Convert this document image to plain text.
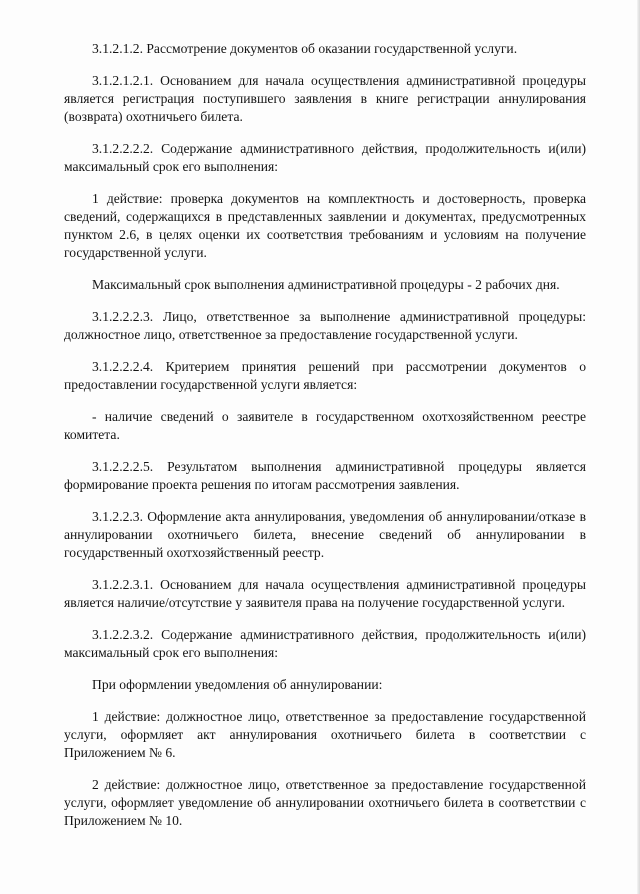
3.1.2.1.2. Рассмотрение документов об оказании государственной услуги.

3.1.2.1.2.1. Основанием для начала осуществления административной процедуры является регистрация поступившего заявления в книге регистрации аннулирования (возврата) охотничьего билета.

3.1.2.2.2.2. Содержание административного действия, продолжительность и(или) максимальный срок его выполнения:

1 действие: проверка документов на комплектность и достоверность, проверка сведений, содержащихся в представленных заявлении и документах, предусмотренных пунктом 2.6, в целях оценки их соответствия требованиям и условиям на получение государственной услуги.

Максимальный срок выполнения административной процедуры - 2 рабочих дня.

3.1.2.2.2.3. Лицо, ответственное за выполнение административной процедуры: должностное лицо, ответственное за предоставление государственной услуги.

3.1.2.2.2.4. Критерием принятия решений при рассмотрении документов о предоставлении государственной услуги является:

- наличие сведений о заявителе в государственном охотхозяйственном реестре комитета.

3.1.2.2.2.5. Результатом выполнения административной процедуры является формирование проекта решения по итогам рассмотрения заявления.

3.1.2.2.3. Оформление акта аннулирования, уведомления об аннулировании/отказе в аннулировании охотничьего билета, внесение сведений об аннулировании в государственный охотхозяйственный реестр.

3.1.2.2.3.1. Основанием для начала осуществления административной процедуры является наличие/отсутствие у заявителя права на получение государственной услуги.

3.1.2.2.3.2. Содержание административного действия, продолжительность и(или) максимальный срок его выполнения:

При оформлении уведомления об аннулировании:

1 действие: должностное лицо, ответственное за предоставление государственной услуги, оформляет акт аннулирования охотничьего билета в соответствии с Приложением № 6.

2 действие: должностное лицо, ответственное за предоставление государственной услуги, оформляет уведомление об аннулировании охотничьего билета в соответствии с Приложением № 10.
